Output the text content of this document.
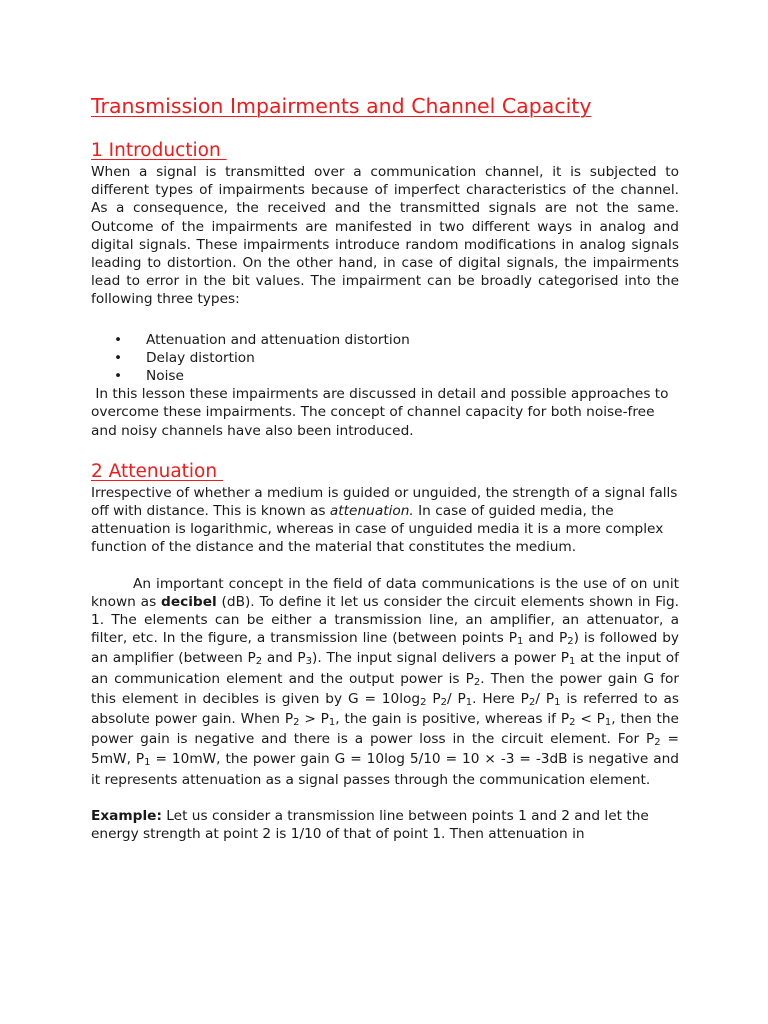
Transmission Impairments and Channel Capacity
1 Introduction

When a signal is transmitted over a communication channel, it is subjected to different types of impairments because of imperfect characteristics of the channel. As a consequence, the received and the transmitted signals are not the same. Outcome of the impairments are manifested in two different ways in analog and digital signals. These impairments introduce random modifications in analog signals leading to distortion. On the other hand, in case of digital signals, the impairments lead to error in the bit values. The impairment can be broadly categorised into the following three types:

• Attenuation and attenuation distortion
• Delay distortion
• Noise

In this lesson these impairments are discussed in detail and possible approaches to overcome these impairments. The concept of channel capacity for both noise-free and noisy channels have also been introduced.

2 Attenuation

Irrespective of whether a medium is guided or unguided, the strength of a signal falls off with distance. This is known as attenuation. In case of guided media, the attenuation is logarithmic, whereas in case of unguided media it is a more complex function of the distance and the material that constitutes the medium.

An important concept in the field of data communications is the use of on unit known as decibel (dB). To define it let us consider the circuit elements shown in Fig. 1. The elements can be either a transmission line, an amplifier, an attenuator, a filter, etc. In the figure, a transmission line (between points P1 and P2) is followed by an amplifier (between P2 and P3). The input signal delivers a power P1 at the input of an communication element and the output power is P2. Then the power gain G for this element in decibles is given by G = 10log2 P2/ P1. Here P2/ P1 is referred to as absolute power gain. When P2 > P1, the gain is positive, whereas if P2 < P1, then the power gain is negative and there is a power loss in the circuit element. For P2 = 5mW, P1 = 10mW, the power gain G = 10log 5/10 = 10 × -3 = -3dB is negative and it represents attenuation as a signal passes through the communication element.

Example: Let us consider a transmission line between points 1 and 2 and let the energy strength at point 2 is 1/10 of that of point 1. Then attenuation in
